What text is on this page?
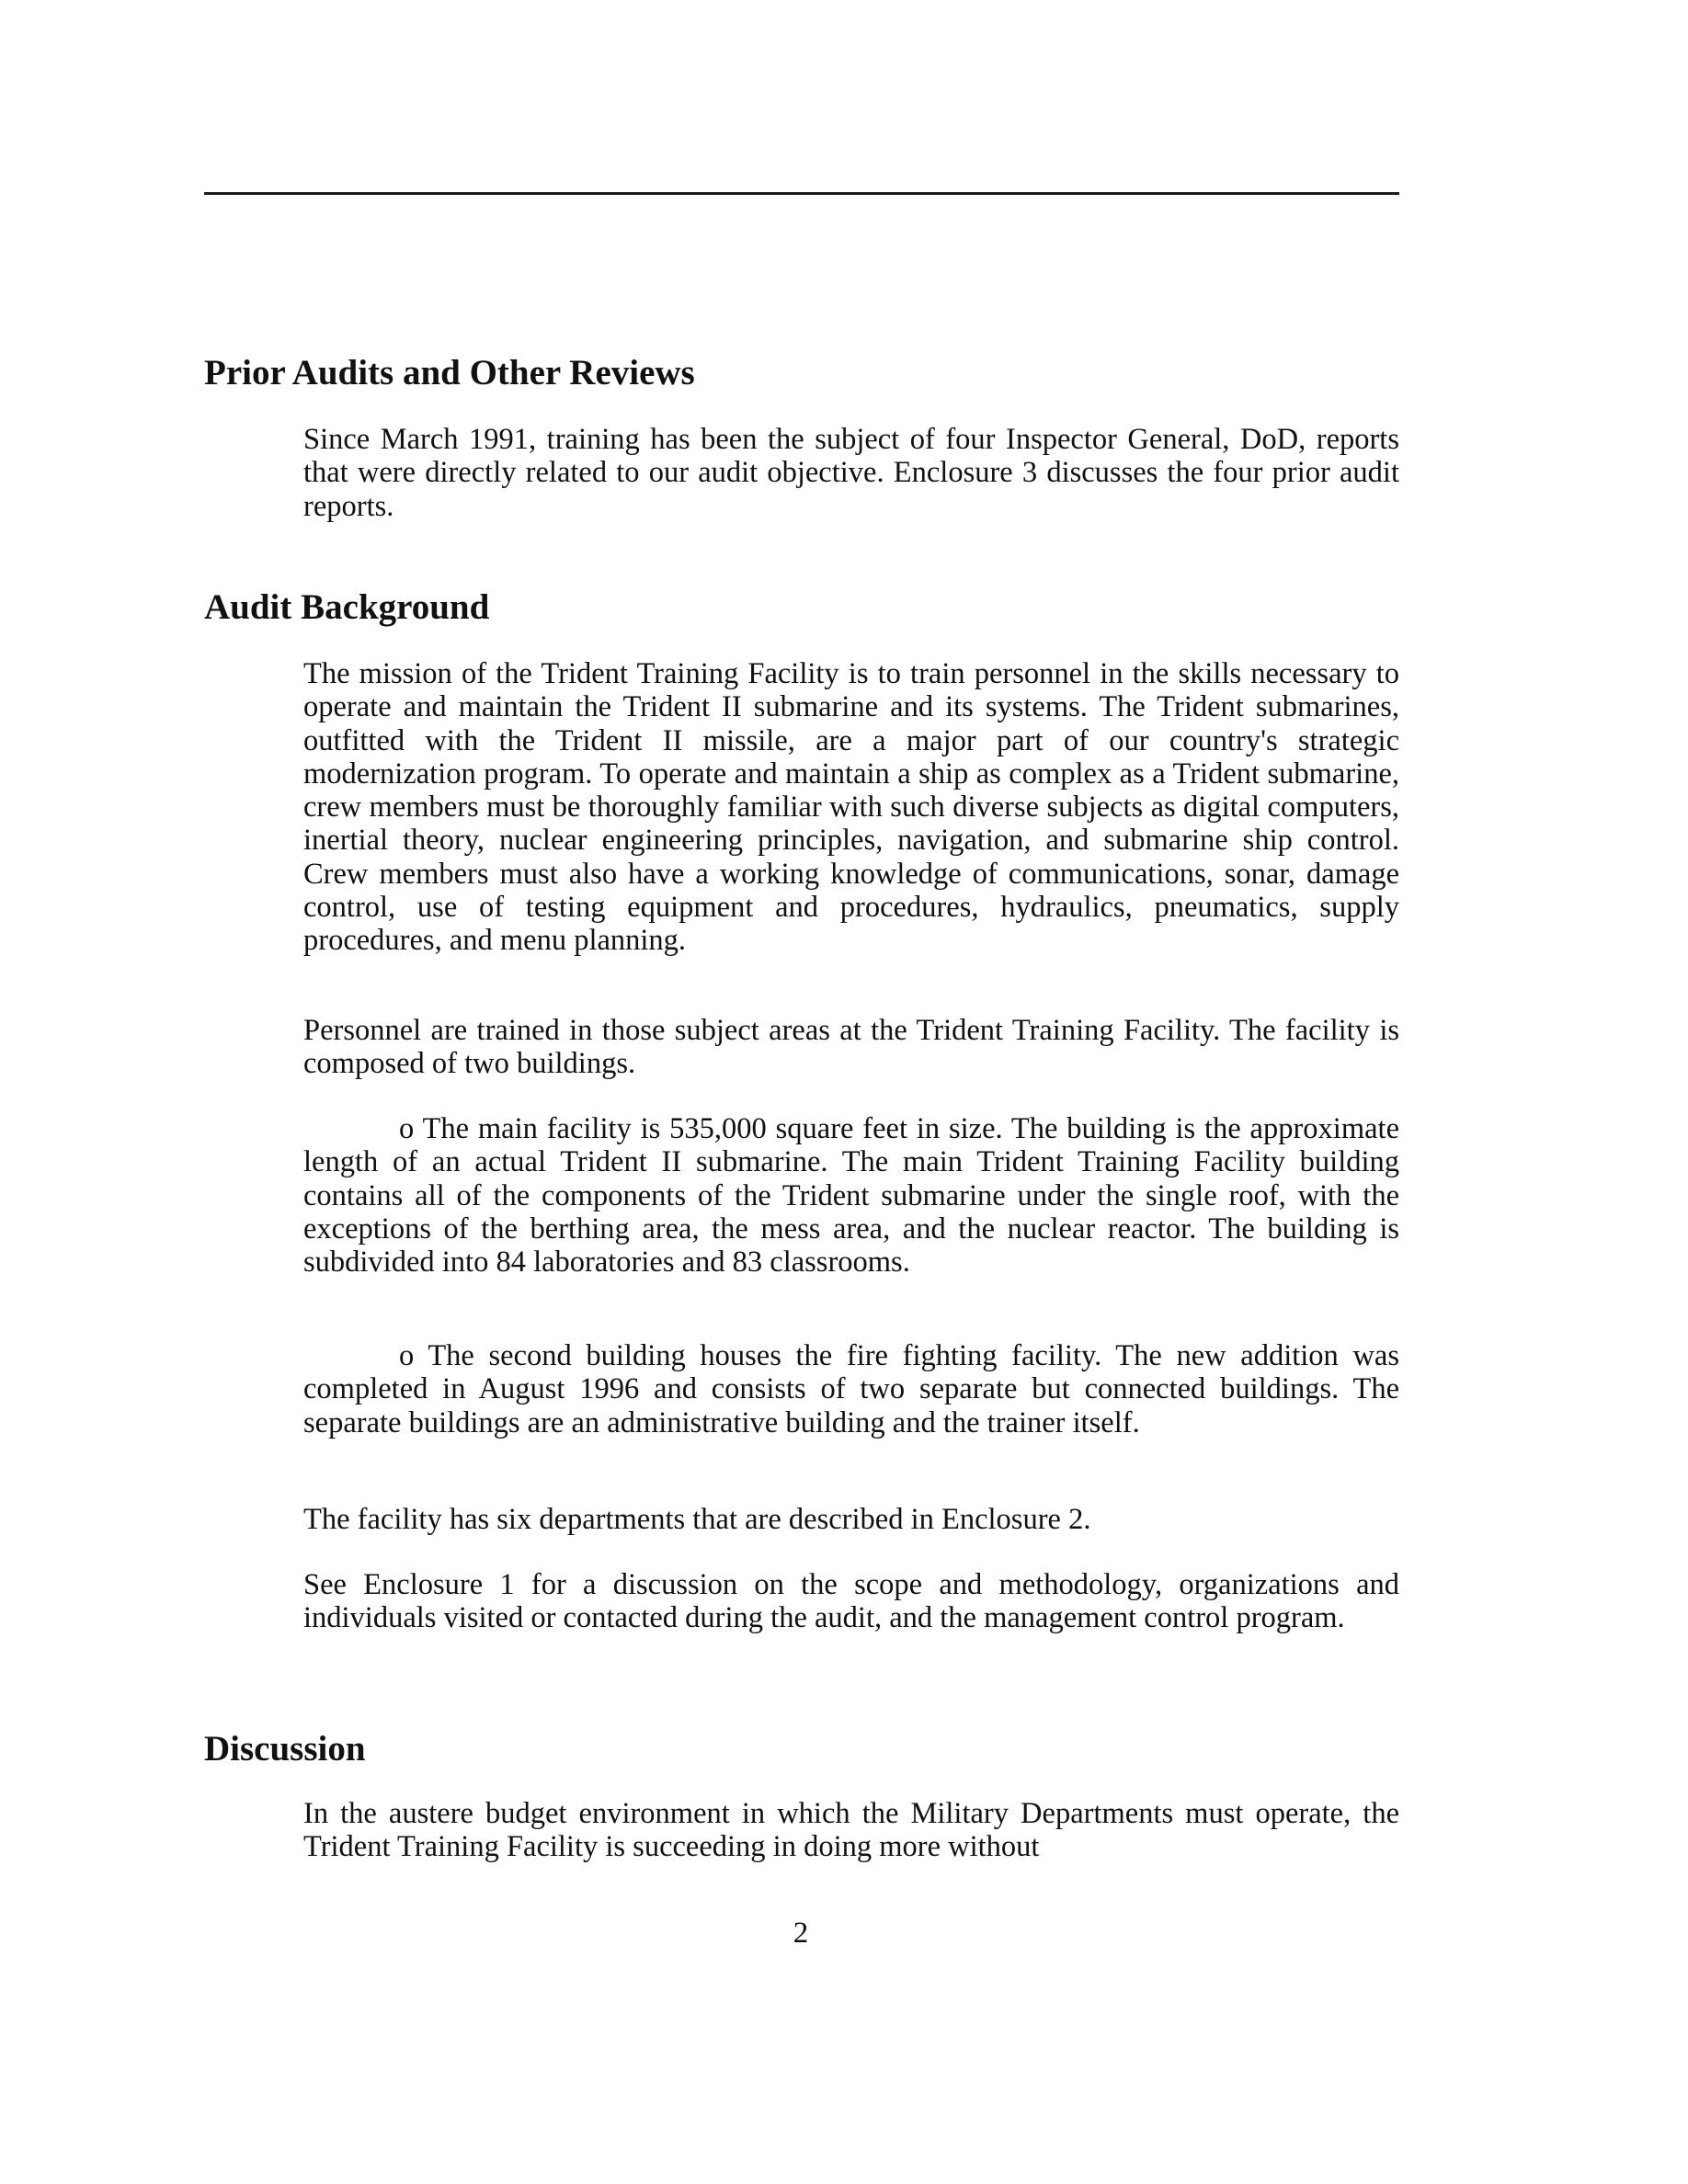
Prior Audits and Other Reviews

Since March 1991, training has been the subject of four Inspector General, DoD, reports that were directly related to our audit objective. Enclosure 3 discusses the four prior audit reports.

Audit Background

The mission of the Trident Training Facility is to train personnel in the skills necessary to operate and maintain the Trident II submarine and its systems. The Trident submarines, outfitted with the Trident II missile, are a major part of our country's strategic modernization program. To operate and maintain a ship as complex as a Trident submarine, crew members must be thoroughly familiar with such diverse subjects as digital computers, inertial theory, nuclear engineering principles, navigation, and submarine ship control. Crew members must also have a working knowledge of communications, sonar, damage control, use of testing equipment and procedures, hydraulics, pneumatics, supply procedures, and menu planning.

Personnel are trained in those subject areas at the Trident Training Facility. The facility is composed of two buildings.

o The main facility is 535,000 square feet in size. The building is the approximate length of an actual Trident II submarine. The main Trident Training Facility building contains all of the components of the Trident submarine under the single roof, with the exceptions of the berthing area, the mess area, and the nuclear reactor. The building is subdivided into 84 laboratories and 83 classrooms.

o The second building houses the fire fighting facility. The new addition was completed in August 1996 and consists of two separate but connected buildings. The separate buildings are an administrative building and the trainer itself.

The facility has six departments that are described in Enclosure 2.

See Enclosure 1 for a discussion on the scope and methodology, organizations and individuals visited or contacted during the audit, and the management control program.

Discussion

In the austere budget environment in which the Military Departments must operate, the Trident Training Facility is succeeding in doing more without

2
